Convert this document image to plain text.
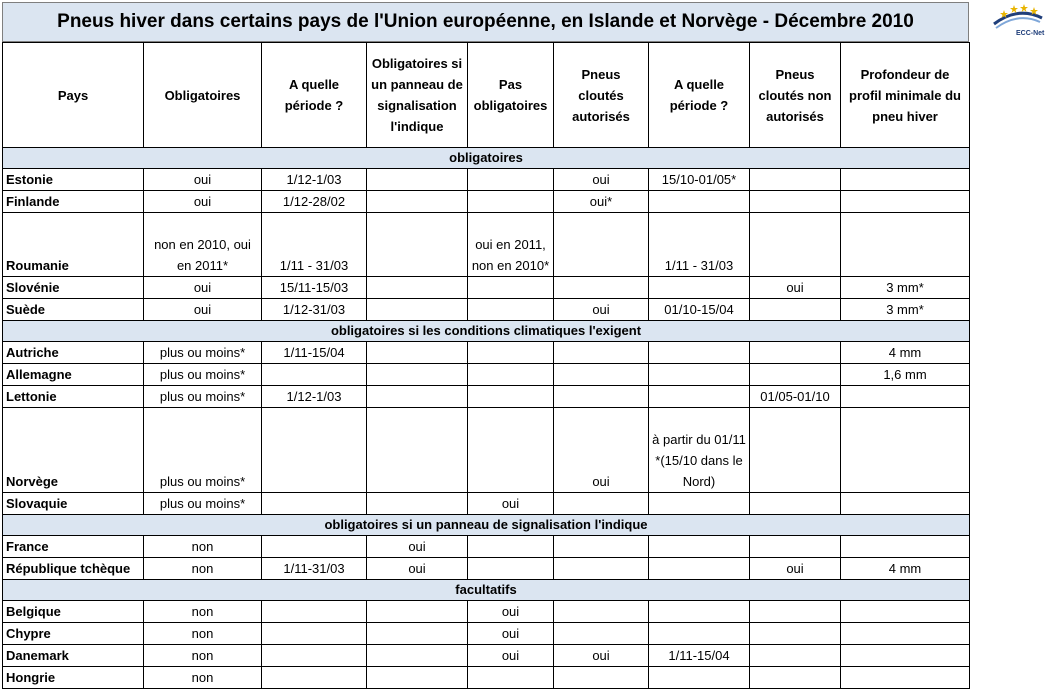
Pneus hiver dans certains pays de l'Union européenne, en Islande et Norvège - Décembre 2010
ECC-Net
Pays	Obligatoires	A quelle période ?	Obligatoires si un panneau de signalisation l'indique	Pas obligatoires	Pneus cloutés autorisés	A quelle période ?	Pneus cloutés non autorisés	Profondeur de profil minimale du pneu hiver
obligatoires								
Estonie	oui	1/12-1/03			oui	15/10-01/05*		
Finlande	oui	1/12-28/02			oui*			
Roumanie	non en 2010, oui en 2011*	1/11 - 31/03		oui en 2011, non en 2010*		1/11 - 31/03		
Slovénie	oui	15/11-15/03					oui	3 mm*
Suède	oui	1/12-31/03			oui	01/10-15/04		3 mm*
obligatoires si les conditions climatiques l'exigent								
Autriche	plus ou moins*	1/11-15/04						4 mm
Allemagne	plus ou moins*							1,6 mm
Lettonie	plus ou moins*	1/12-1/03					01/05-01/10	
Norvège	plus ou moins*				oui	à partir du 01/11 *(15/10 dans le Nord)		
Slovaquie	plus ou moins*			oui				
obligatoires si un panneau de signalisation l'indique								
France	non		oui					
République tchèque	non	1/11-31/03	oui				oui	4 mm
facultatifs								
Belgique	non			oui				
Chypre	non			oui				
Danemark	non			oui	oui	1/11-15/04		
Hongrie	non							
